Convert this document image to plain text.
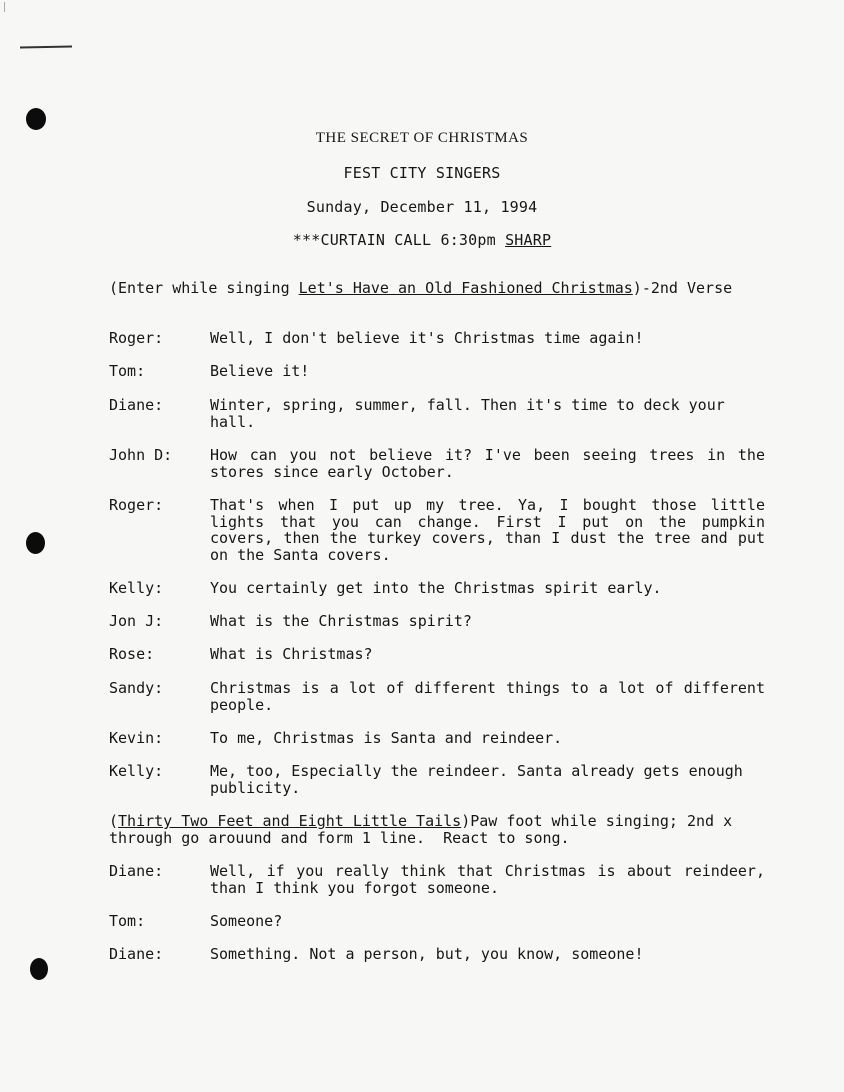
THE SECRET OF CHRISTMAS
FEST CITY SINGERS
Sunday, December 11, 1994
***CURTAIN CALL 6:30pm SHARP
(Enter while singing Let's Have an Old Fashioned Christmas)-2nd Verse
Roger:	Well, I don't believe it's Christmas time again!
Tom:	Believe it!
Diane:	Winter, spring, summer, fall. Then it's time to deck your hall.
John D:	How can you not believe it? I've been seeing trees in the stores since early October.
Roger:	That's when I put up my tree. Ya, I bought those little lights that you can change. First I put on the pumpkin covers, then the turkey covers, than I dust the tree and put on the Santa covers.
Kelly:	You certainly get into the Christmas spirit early.
Jon J:	What is the Christmas spirit?
Rose:	What is Christmas?
Sandy:	Christmas is a lot of different things to a lot of different people.
Kevin:	To me, Christmas is Santa and reindeer.
Kelly:	Me, too, Especially the reindeer. Santa already gets enough publicity.
(Thirty Two Feet and Eight Little Tails)Paw foot while singing; 2nd x through go arouund and form 1 line.  React to song.
Diane:	Well, if you really think that Christmas is about reindeer, than I think you forgot someone.
Tom:	Someone?
Diane:	Something. Not a person, but, you know, someone!
